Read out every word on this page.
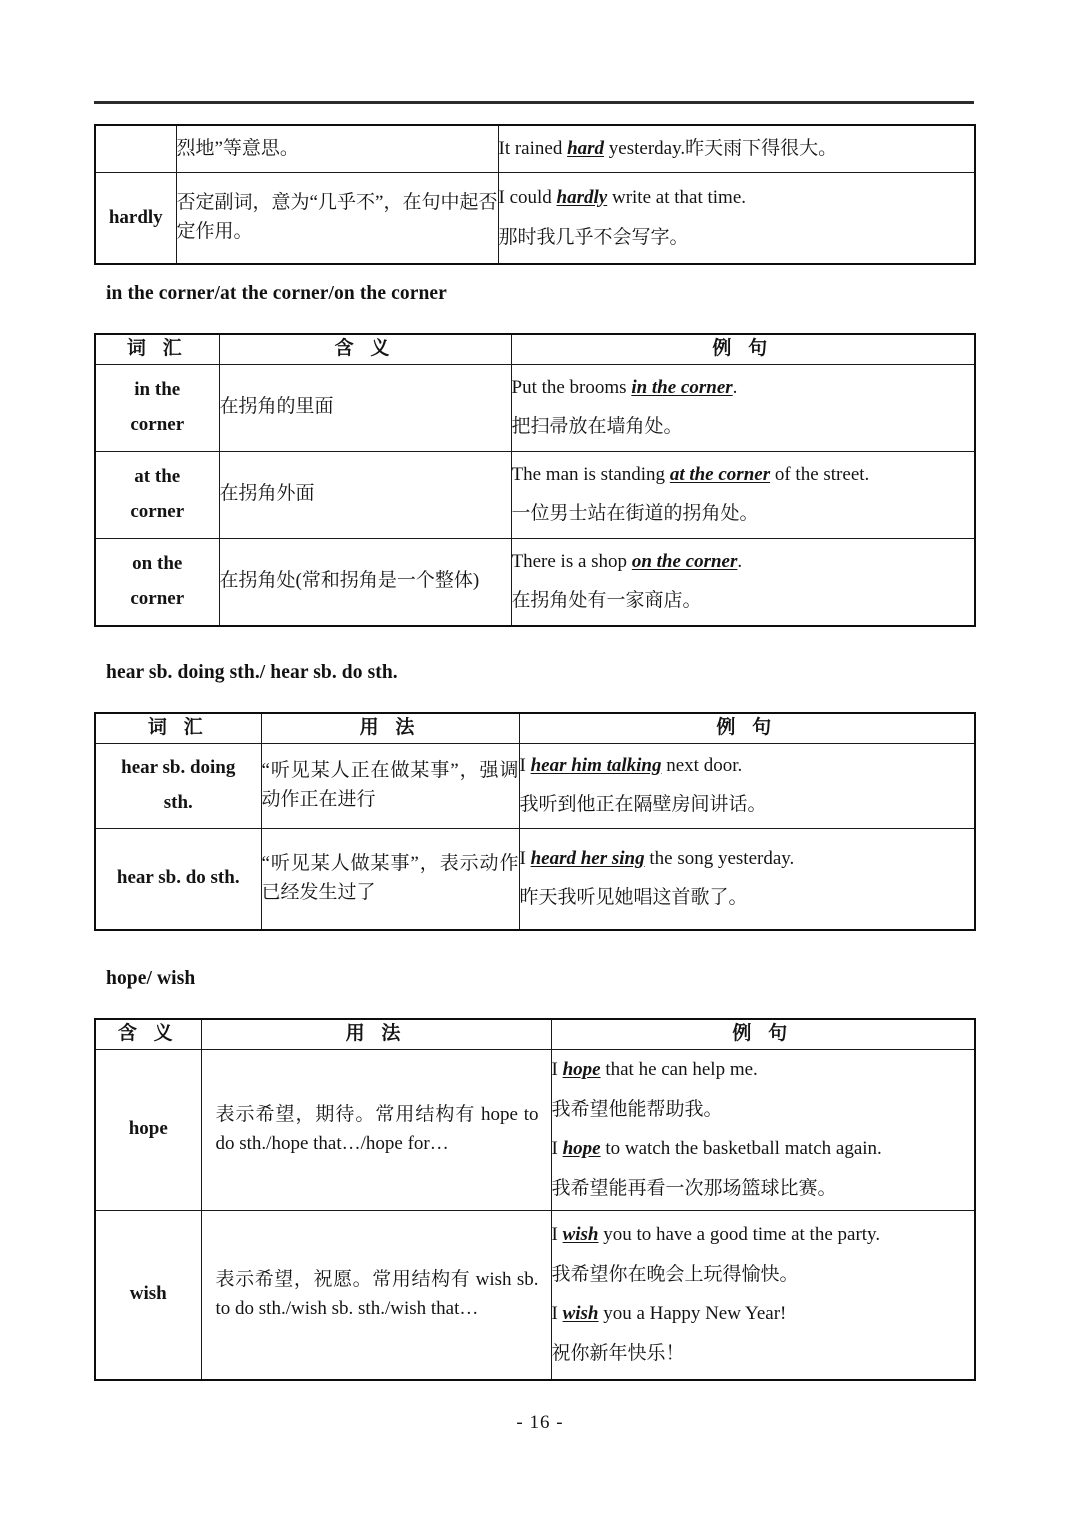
	烈地”等意思。	It rained hard yesterday.昨天雨下得很大。

hardly	否定副词，意为“几乎不”，在句中起否定作用。	I could hardly write at that time.
那时我几乎不会写字。
in the corner/at the corner/on the corner
词 汇	含 义	例 句

in the
corner	在拐角的里面	Put the brooms in the corner.
把扫帚放在墙角处。

at the
corner	在拐角外面	The man is standing at the corner of the street.
一位男士站在街道的拐角处。

on the
corner	在拐角处(常和拐角是一个整体)	There is a shop on the corner.
在拐角处有一家商店。
hear sb. doing sth./ hear sb. do sth.
词 汇	用 法	例 句

hear sb. doing
sth.	“听见某人正在做某事”，强调动作正在进行	I hear him talking next door.
我听到他正在隔壁房间讲话。

hear sb. do sth.	“听见某人做某事”，表示动作已经发生过了	I heard her sing the song yesterday.
昨天我听见她唱这首歌了。
hope/ wish
含 义	用 法	例 句
hope	表示希望，期待。常用结构有 hope to do sth./hope that…/hope for…	I hope that he can help me.
我希望他能帮助我。
I hope to watch the basketball match again.
我希望能再看一次那场篮球比赛。

wish	表示希望，祝愿。常用结构有 wish sb. to do sth./wish sb. sth./wish that…	I wish you to have a good time at the party.
我希望你在晚会上玩得愉快。
I wish you a Happy New Year!
祝你新年快乐！
- 16 -
